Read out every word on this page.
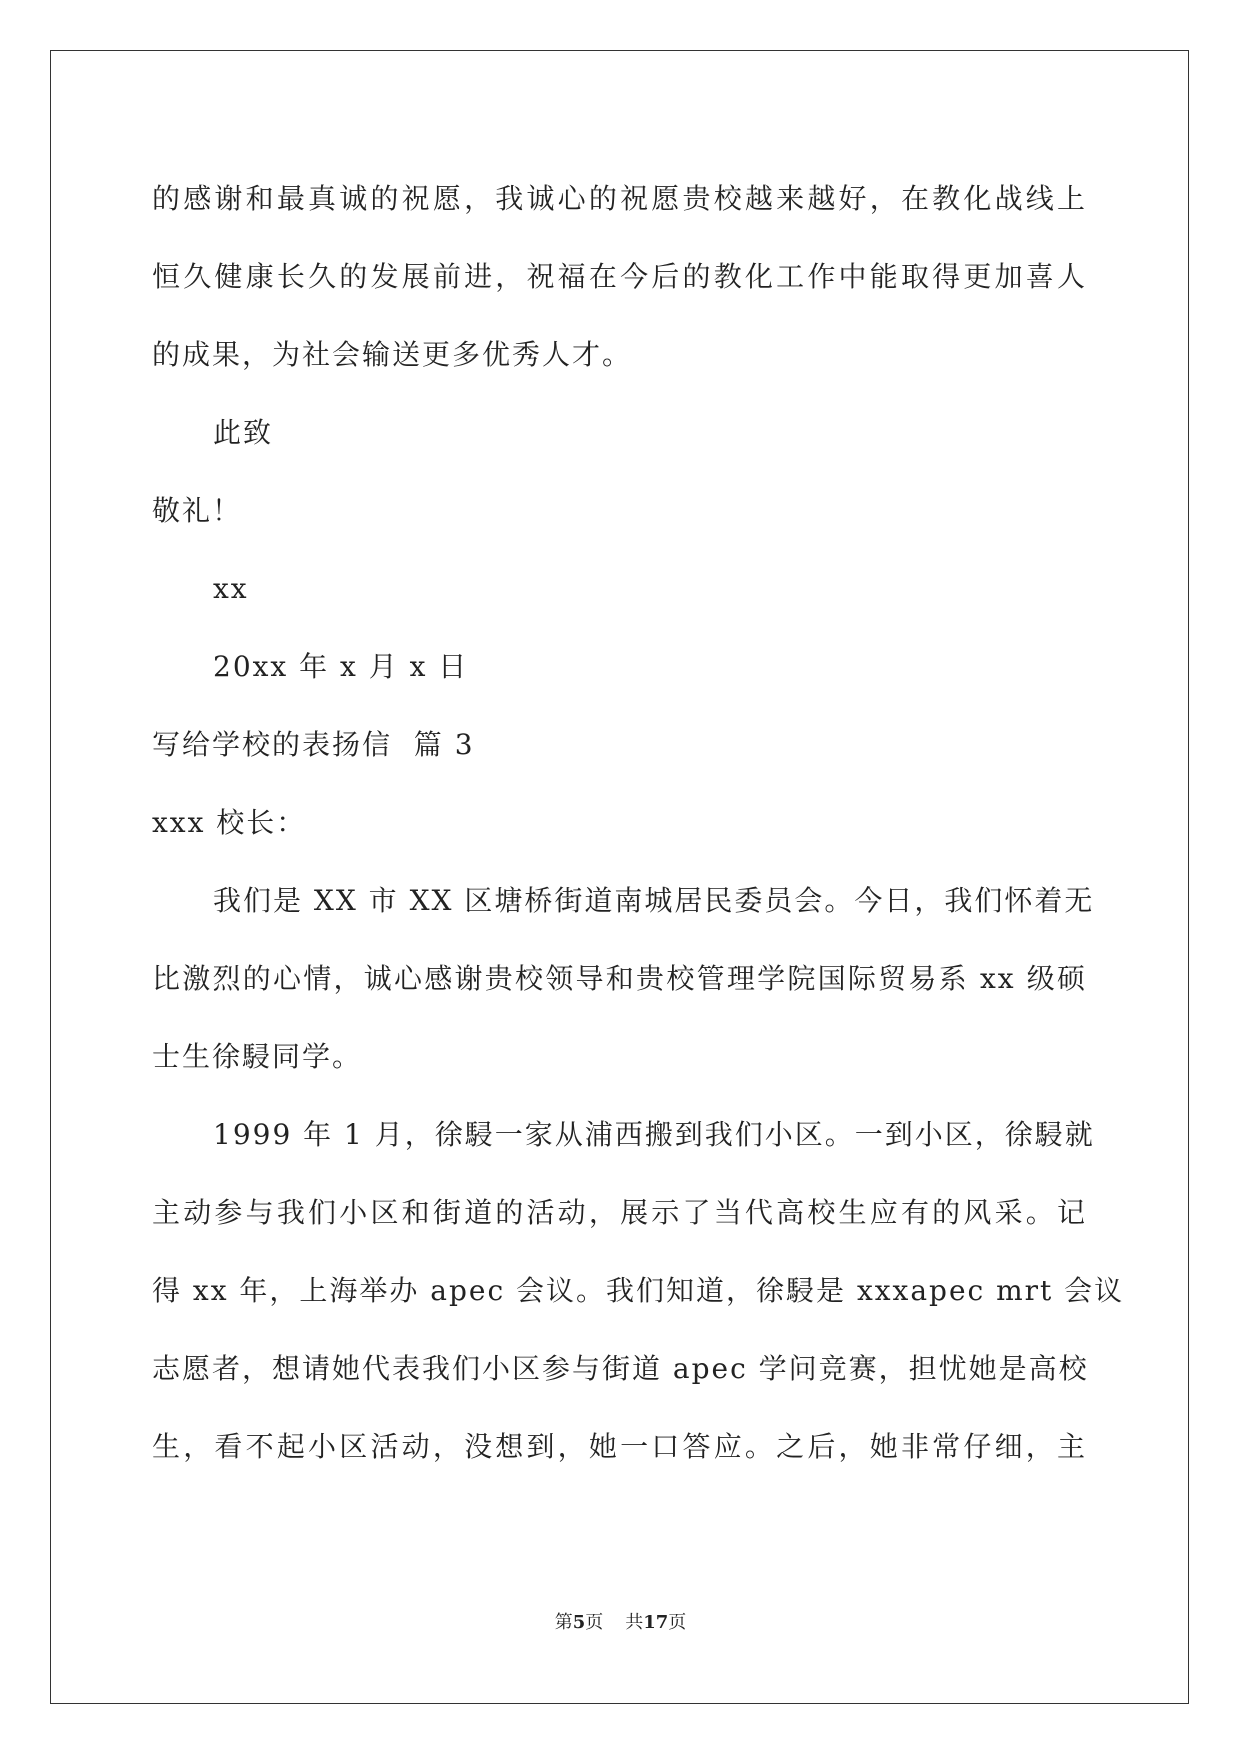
的感谢和最真诚的祝愿，我诚心的祝愿贵校越来越好，在教化战线上
恒久健康长久的发展前进，祝福在今后的教化工作中能取得更加喜人
的成果，为社会输送更多优秀人才。
此致
敬礼！
xx
20xx 年 x 月 x 日
写给学校的表扬信  篇 3
xxx 校长：
我们是 XX 市 XX 区塘桥街道南城居民委员会。今日，我们怀着无
比激烈的心情，诚心感谢贵校领导和贵校管理学院国际贸易系 xx 级硕
士生徐駸同学。
1999 年 1 月，徐駸一家从浦西搬到我们小区。一到小区，徐駸就
主动参与我们小区和街道的活动，展示了当代高校生应有的风采。记
得 xx 年，上海举办 apec 会议。我们知道，徐駸是 xxxapec mrt 会议
志愿者，想请她代表我们小区参与街道 apec 学问竞赛，担忧她是高校
生，看不起小区活动，没想到，她一口答应。之后，她非常仔细，主
第5页 共17页
